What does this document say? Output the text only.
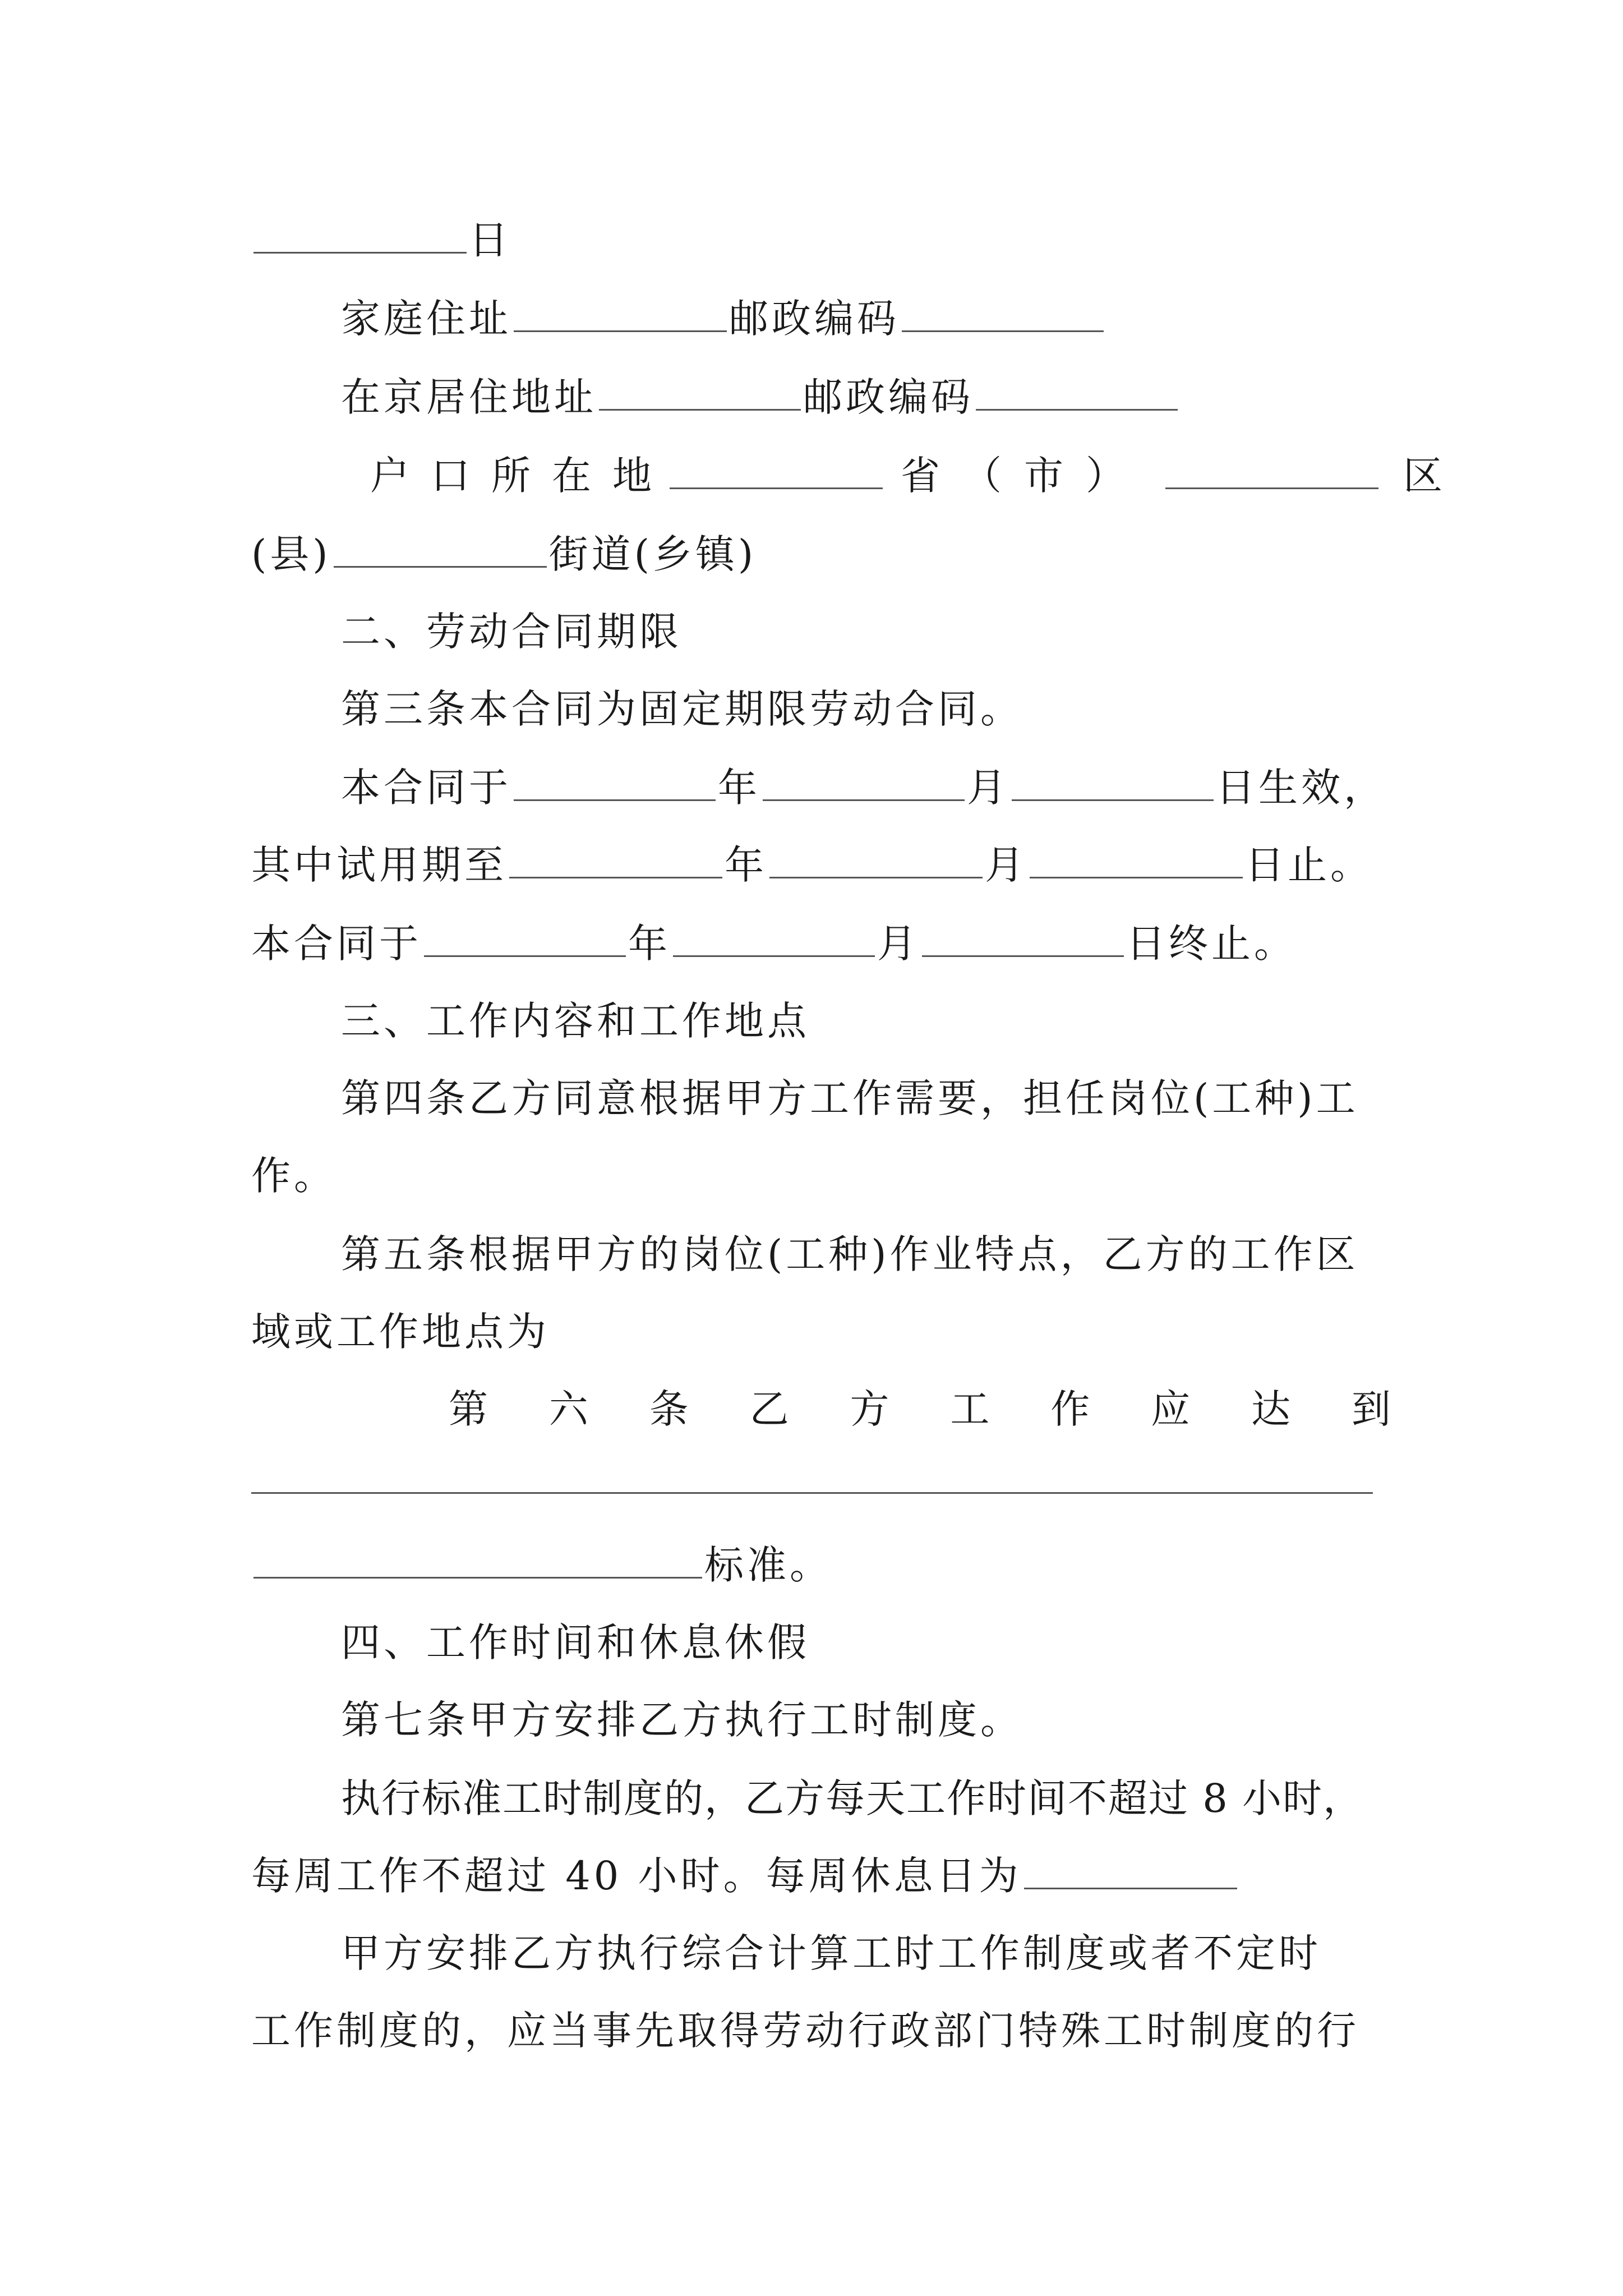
日
家庭住址	邮政编码
在京居住地址	邮政编码
户 口 所 在 地	省（市）	区
(县)	街道(乡镇)
二、劳动合同期限
第三条本合同为固定期限劳动合同。
本合同于	年	月	日生效，
其中试用期至	年	月	日止。
本合同于	年	月	日终止。
三、工作内容和工作地点
第四条乙方同意根据甲方工作需要，担任岗位(工种)工
作。
第五条根据甲方的岗位(工种)作业特点，乙方的工作区
域或工作地点为
第 六 条 乙 方 工 作 应 达 到
标准。
四、工作时间和休息休假
第七条甲方安排乙方执行工时制度。
执行标准工时制度的，乙方每天工作时间不超过 8 小时，
每周工作不超过 40 小时。每周休息日为
甲方安排乙方执行综合计算工时工作制度或者不定时
工作制度的，应当事先取得劳动行政部门特殊工时制度的行
